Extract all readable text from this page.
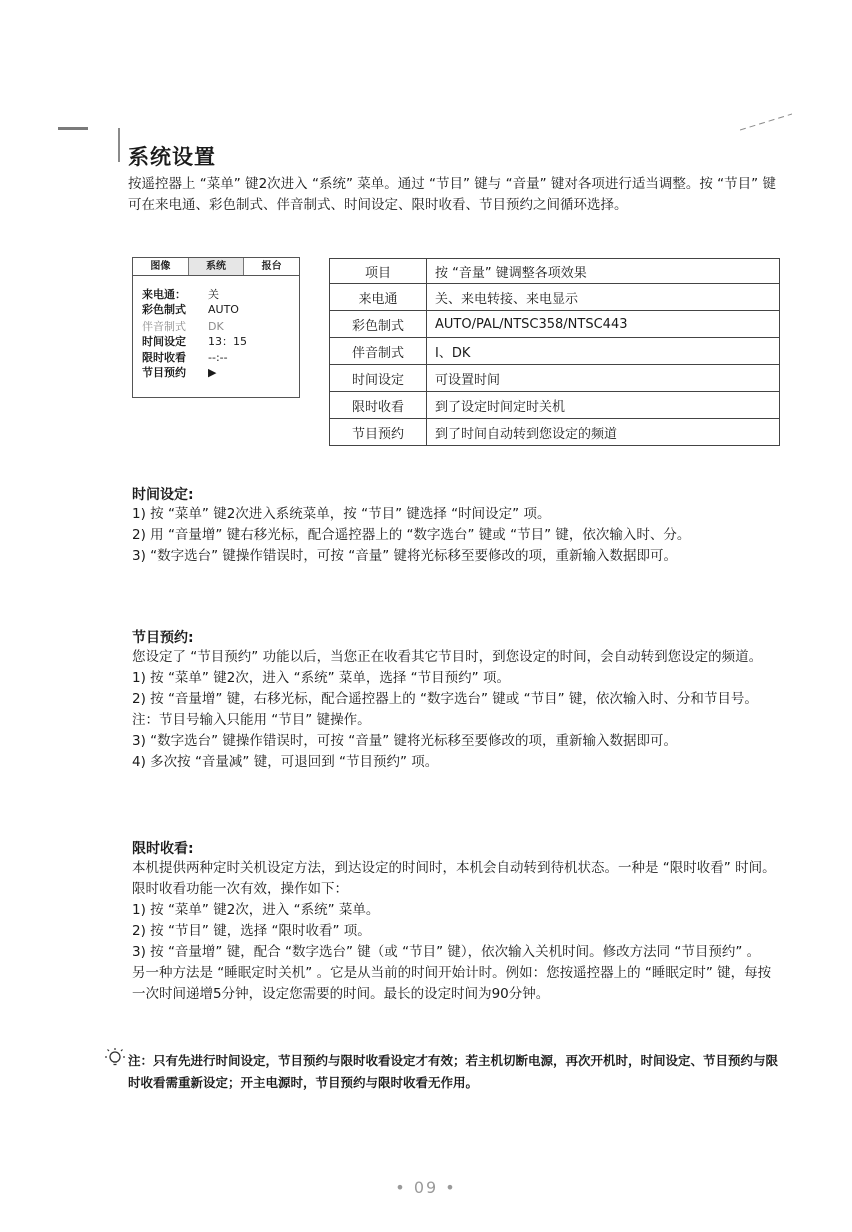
系统设置
按遥控器上 “菜单” 键2次进入 “系统” 菜单。通过 “节目” 键与 “音量” 键对各项进行适当调整。按 “节目” 键可在来电通、彩色制式、伴音制式、时间设定、限时收看、节目预约之间循环选择。
图像	系统	报台
来电通： 关
彩色制式 AUTO
伴音制式 DK
时间设定 13：15
限时收看 --:--
节目预约 ▶
项目	按 “音量” 键调整各项效果
来电通	关、来电转接、来电显示
彩色制式	AUTO/PAL/NTSC358/NTSC443
伴音制式	I、DK
时间设定	可设置时间
限时收看	到了设定时间定时关机
节目预约	到了时间自动转到您设定的频道
时间设定:
1) 按 “菜单” 键2次进入系统菜单，按 “节目” 键选择 “时间设定” 项。
2) 用 “音量增” 键右移光标，配合遥控器上的 “数字选台” 键或 “节目” 键，依次输入时、分。
3) “数字选台” 键操作错误时，可按 “音量” 键将光标移至要修改的项，重新输入数据即可。
节目预约:
您设定了 “节目预约” 功能以后，当您正在收看其它节目时，到您设定的时间，会自动转到您设定的频道。
1) 按 “菜单” 键2次，进入 “系统” 菜单，选择 “节目预约” 项。
2) 按 “音量增” 键，右移光标，配合遥控器上的 “数字选台” 键或 “节目” 键，依次输入时、分和节目号。注：节目号输入只能用 “节目” 键操作。
3) “数字选台” 键操作错误时，可按 “音量” 键将光标移至要修改的项，重新输入数据即可。
4) 多次按 “音量减” 键，可退回到 “节目预约” 项。
限时收看:
本机提供两种定时关机设定方法，到达设定的时间时，本机会自动转到待机状态。一种是 “限时收看” 时间。限时收看功能一次有效，操作如下：
1) 按 “菜单” 键2次，进入 “系统” 菜单。
2) 按 “节目” 键，选择 “限时收看” 项。
3) 按 “音量增” 键，配合 “数字选台” 键（或 “节目” 键），依次输入关机时间。修改方法同 “节目预约” 。
另一种方法是 “睡眠定时关机” 。它是从当前的时间开始计时。例如：您按遥控器上的 “睡眠定时” 键，每按一次时间递增5分钟，设定您需要的时间。最长的设定时间为90分钟。
注：只有先进行时间设定，节目预约与限时收看设定才有效；若主机切断电源，再次开机时，时间设定、节目预约与限时收看需重新设定；开主电源时，节目预约与限时收看无作用。
• 09 •
